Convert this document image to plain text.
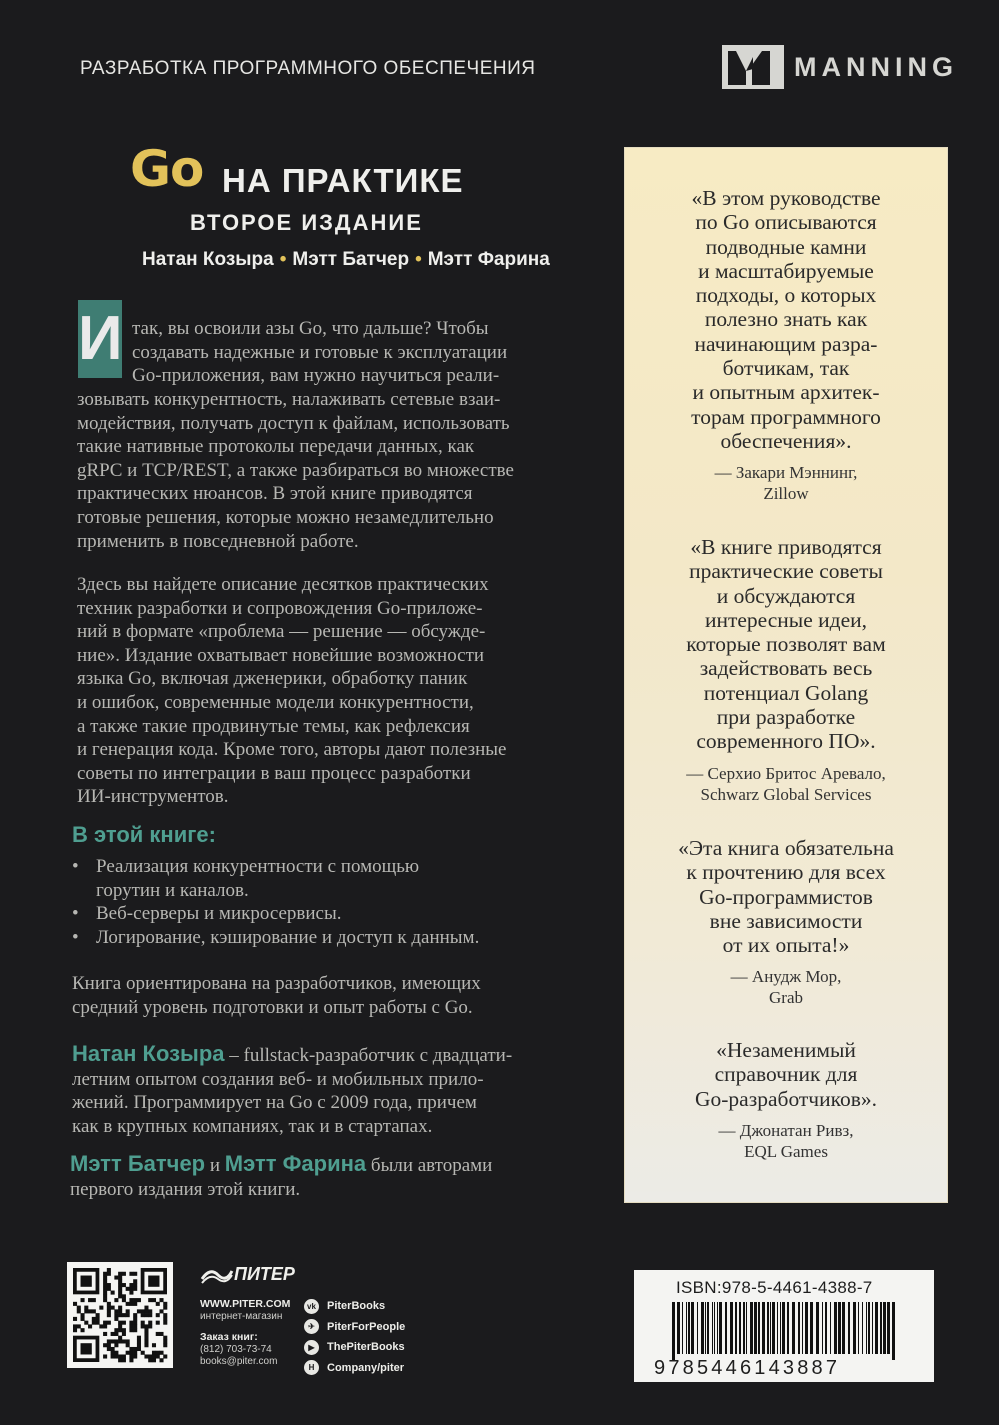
РАЗРАБОТКА ПРОГРАММНОГО ОБЕСПЕЧЕНИЯ	MANNING
Go НА ПРАКТИКЕ
ВТОРОЕ ИЗДАНИЕ
Натан Козыра • Мэтт Батчер • Мэтт Фарина
И так, вы освоили азы Go, что дальше? Чтобы

создавать надежные и готовые к эксплуатации

Go-приложения, вам нужно научиться реали-

зовывать конкурентность, налаживать сетевые взаи-

модействия, получать доступ к файлам, использовать

такие нативные протоколы передачи данных, как

gRPC и TCP/REST, а также разбираться во множестве

практических нюансов. В этой книге приводятся

готовые решения, которые можно незамедлительно

применить в повседневной работе.

Здесь вы найдете описание десятков практических

техник разработки и сопровождения Go-приложе-

ний в формате «проблема — решение — обсужде-

ние». Издание охватывает новейшие возможности

языка Go, включая дженерики, обработку паник

и ошибок, современные модели конкурентности,

а также такие продвинутые темы, как рефлексия

и генерация кода. Кроме того, авторы дают полезные

советы по интеграции в ваш процесс разработки

ИИ-инструментов.

В этой книге:
• Реализация конкурентности с помощью
горутин и каналов.
• Веб-серверы и микросервисы.
• Логирование, кэширование и доступ к данным.

Книга ориентирована на разработчиков, имеющих

средний уровень подготовки и опыт работы с Go.

Натан Козыра – fullstack-разработчик с двадцати-

летним опытом создания веб- и мобильных прило-

жений. Программирует на Go с 2009 года, причем

как в крупных компаниях, так и в стартапах.

Мэтт Батчер и Мэтт Фарина были авторами

первого издания этой книги.

«В этом руководстве
по Go описываются
подводные камни
и масштабируемые
подходы, о которых
полезно знать как
начинающим разра-
ботчикам, так
и опытным архитек-
торам программного
обеспечения».

— Закари Мэннинг,
Zillow

«В книге приводятся
практические советы
и обсуждаются
интересные идеи,
которые позволят вам
задействовать весь
потенциал Golang
при разработке
современного ПО».

— Серхио Бритос Аревало,
Schwarz Global Services

«Эта книга обязательна
к прочтению для всех
Go-программистов
вне зависимости
от их опыта!»

— Анудж Мор,
Grab

«Незаменимый
справочник для
Go-разработчиков».

— Джонатан Ривз,
EQL Games

ПИТЕР
WWW.PITER.COM
интернет-магазин
Заказ книг:
(812) 703-73-74
books@piter.com
vk PiterBooks
✈	PiterForPeople
▶	ThePiterBooks
H	Company/piter
ISBN:978-5-4461-4388-7
9785446143887
